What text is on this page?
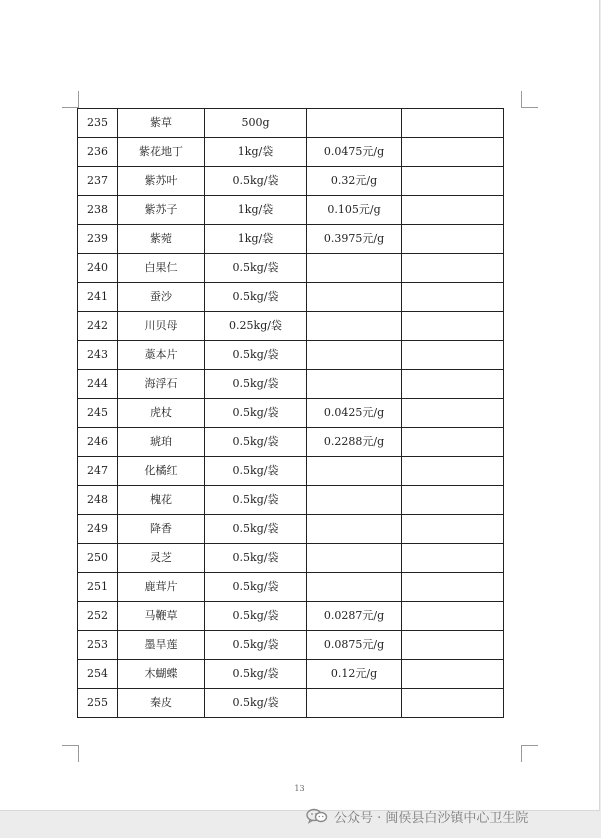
235	紫草	500g		
236	紫花地丁	1kg/袋	0.0475元/g	
237	紫苏叶	0.5kg/袋	0.32元/g	
238	紫苏子	1kg/袋	0.105元/g	
239	紫菀	1kg/袋	0.3975元/g	
240	白果仁	0.5kg/袋		
241	蚕沙	0.5kg/袋		
242	川贝母	0.25kg/袋		
243	藁本片	0.5kg/袋		
244	海浮石	0.5kg/袋		
245	虎杖	0.5kg/袋	0.0425元/g	
246	琥珀	0.5kg/袋	0.2288元/g	
247	化橘红	0.5kg/袋		
248	槐花	0.5kg/袋		
249	降香	0.5kg/袋		
250	灵芝	0.5kg/袋		
251	鹿茸片	0.5kg/袋		
252	马鞭草	0.5kg/袋	0.0287元/g	
253	墨旱莲	0.5kg/袋	0.0875元/g	
254	木蝴蝶	0.5kg/袋	0.12元/g	
255	秦皮	0.5kg/袋		
13
公众号 · 闽侯县白沙镇中心卫生院
